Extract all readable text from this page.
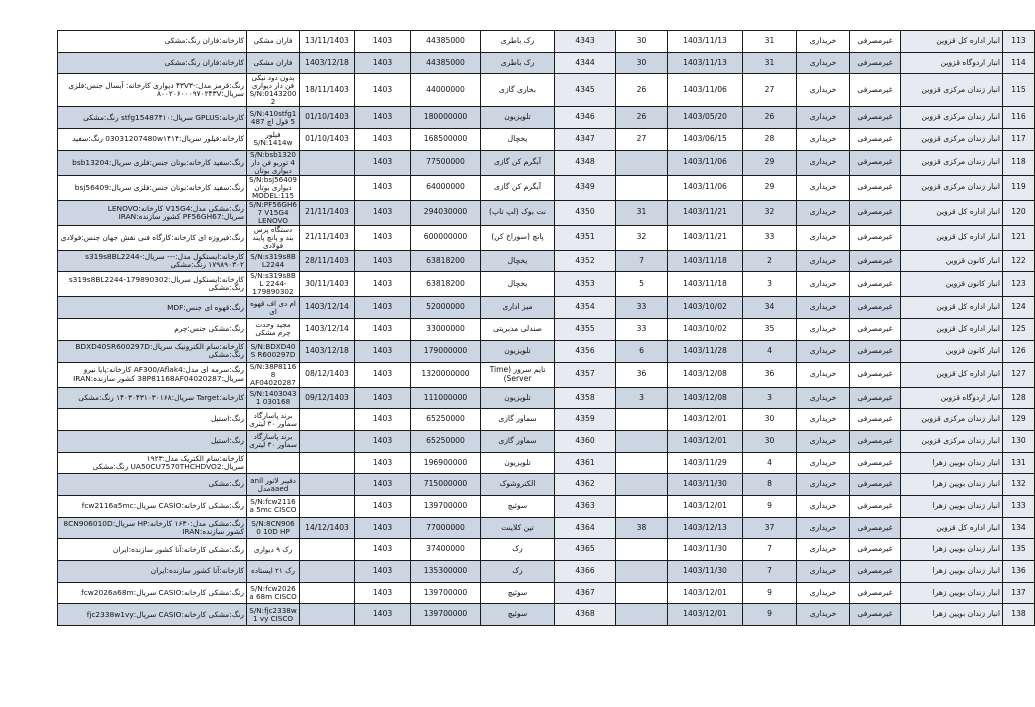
113	انبار اداره کل قزوین	غیرمصرفی	خریداری	31	1403/11/13	30	4343	رک باطری	44385000	1403	13/11/1403	فاران مشکی	کارخانه:فاران رنگ:مشکی
114	انبار اردوگاه قزوین	غیرمصرفی	خریداری	31	1403/11/13	30	4344	رک باطری	44385000	1403	1403/12/18	فاران مشکی	کارخانه:فاران رنگ:مشکی
115	انبار زندان مرکزی قزوین	غیرمصرفی	خریداری	27	1403/11/06	26	4345	بخاری گازی	44000000	1403	18/11/1403	بدون دود نیکی فن دار دیواری S/N:01432002	رنگ:قرمز مدل:-۴۳V۳ دیواری کارخانه: آبسال جنس:فلزی سریال:۸۰۰۲۰۶۰۰۰۹۷۰۲۴۳V
116	انبار زندان مرکزی قزوین	غیرمصرفی	خریداری	26	1403/05/20	26	4346	تلویزیون	180000000	1403	01/10/1403	S/N:410stfg15 قول اچ 487	کارخانه:GPLUS سریال:stfg15487۴۱۰ رنگ:مشکی
117	انبار زندان مرکزی قزوین	غیرمصرفی	خریداری	28	1403/06/15	27	4347	یخچال	168500000	1403	01/10/1403	فیلور S/N:1414w	کارخانه:فیلور سریال:03031207480w۱۴۱۴ رنگ:سفید
118	انبار زندان مرکزی قزوین	غیرمصرفی	خریداری	29	1403/11/06		4348	آبگرم کن گازی	77500000	1403		S/N:bsb13204 توربو فن دار دیواری بوتان	رنگ:سفید کارخانه:بوتان جنس:فلزی سریال:bsb13204
119	انبار زندان مرکزی قزوین	غیرمصرفی	خریداری	29	1403/11/06		4349	آبگرم کن گازی	64000000	1403		S/N:bsj56409 دیواری بوتان MODEL:115	رنگ:سفید کارخانه:بوتان جنس:فلزی سریال:bsj56409
120	انبار اداره کل قزوین	غیرمصرفی	خریداری	32	1403/11/21	31	4350	نت بوک (لپ تاپ)	294030000	1403	21/11/1403	S/N:PF56GH67 V15G4 LENOVO	رنگ:مشکی مدل:V15G4 کارخانه:LENOVO سریال:PF56GH67 کشور سازنده:IRAN
121	انبار اداره کل قزوین	غیرمصرفی	خریداری	33	1403/11/21	32	4351	پانچ (سوراخ کن)	600000000	1403	21/11/1403	دستگاه پرس بند و پانچ پایند فولادی	رنگ:فیروزه ای کارخانه:کارگاه فنی نقش جهان جنس:فولادی
122	انبار کانون قزوین	غیرمصرفی	خریداری	2	1403/11/18	7	4352	یخچال	63818200	1403	28/11/1403	S/N:s319s8BL2244	کارخانه:ایستکول مدل:--- سریال:-s319s8BL2244 ۱۷۹۸۹۰۳۰۲ رنگ:مشکی
123	انبار کانون قزوین	غیرمصرفی	خریداری	3	1403/11/18	5	4353	یخچال	63818200	1403	30/11/1403	S/N:s319s8BL 2244-179890302	کارخانه:ایستکول سریال:s319s8BL2244-179890302 رنگ:مشکی
124	انبار اداره کل قزوین	غیرمصرفی	خریداری	34	1403/10/02	33	4354	میز اداری	52000000	1403	1403/12/14	ام دی اف قهوه ای	رنگ:قهوه ای جنس:MDF
125	انبار اداره کل قزوین	غیرمصرفی	خریداری	35	1403/10/02	33	4355	صندلی مدیریتی	33000000	1403	1403/12/14	مجید وحدت چرم مشکی	رنگ:مشکی جنس:چرم
126	انبار کانون قزوین	غیرمصرفی	خریداری	4	1403/11/28	6	4356	تلویزیون	179000000	1403	1403/12/18	S/N:BDXD40S R600297D	کارخانه:سام الکترونیک سریال:BDXD40SR600297D رنگ:مشکی
127	انبار اداره کل قزوین	غیرمصرفی	خریداری	36	1403/12/08	36	4357	تایم سرور (Time Server)	1320000000	1403	08/12/1403	S/N:38P81168 AF04020287	رنگ:سرمه ای مدل:AF300/Aflak4 کارخانه:پایا نیرو سریال:38P81168AF04020287 کشور سازنده:IRAN
128	انبار اردوگاه قزوین	غیرمصرفی	خریداری	3	1403/12/08	3	4358	تلویزیون	111000000	1403	09/12/1403	S/N:14030431 030168	کارخانه:Target سریال:۱۴۰۳۰۴۳۱۰۳۰۱۶۸ رنگ:مشکی
129	انبار زندان مرکزی قزوین	غیرمصرفی	خریداری	30	1403/12/01		4359	سماور گازی	65250000	1403		برند پاسارگاد سماور ۳۰ لیتری	رنگ:استیل
130	انبار زندان مرکزی قزوین	غیرمصرفی	خریداری	30	1403/12/01		4360	سماور گازی	65250000	1403		برند پاسارگاد سماور ۳۰ لیتری	رنگ:استیل
131	انبار زندان بویین زهرا	غیرمصرفی	خریداری	4	1403/11/29		4361	تلویزیون	196900000	1403			کارخانه:سام الکتریک مدل:۱۹۲۳ سریال:UA50CU7570THCHDVO2 رنگ:مشکی
132	انبار زندان بویین زهرا	غیرمصرفی	خریداری	8	1403/11/30		4362	الکتروشوک	715000000	1403		دفیبر لاتور anil aaedمدل	رنگ:مشکی
133	انبار زندان بویین زهرا	غیرمصرفی	خریداری	9	1403/12/01		4363	سوئیچ	139700000	1403		S/N:fcw2116a 5mc CISCO	رنگ:مشکی کارخانه:CASIO سریال:fcw2116a5mc
134	انبار اداره کل قزوین	غیرمصرفی	خریداری	37	1403/12/13	38	4364	تین کلاینت	77000000	1403	14/12/1403	S/N:8CN9060 10D HP	رنگ:مشکی مدل:۱۶۳۰ کارخانه:HP سریال:8CN906010D کشور سازنده:IRAN
135	انبار زندان بویین زهرا	غیرمصرفی	خریداری	7	1403/11/30		4365	رک	37400000	1403		رک ۹ دیواری	رنگ:مشکی کارخانه:آنا کشور سازنده:ایران
136	انبار زندان بویین زهرا	غیرمصرفی	خریداری	7	1403/11/30		4366	رک	135300000	1403		رک ۲۱ ایستاده	کارخانه:آنا کشور سازنده:ایران
137	انبار زندان بویین زهرا	غیرمصرفی	خریداری	9	1403/12/01		4367	سوئیچ	139700000	1403		S/N:fcw2026a 68m CISCO	رنگ:مشکی کارخانه:CASIO سریال:fcw2026a68m
138	انبار زندان بویین زهرا	غیرمصرفی	خریداری	9	1403/12/01		4368	سوئیچ	139700000	1403		S/N:fjc2338w1 vy CISCO	رنگ:مشکی کارخانه:CASIO سریال:fjc2338w1vy
